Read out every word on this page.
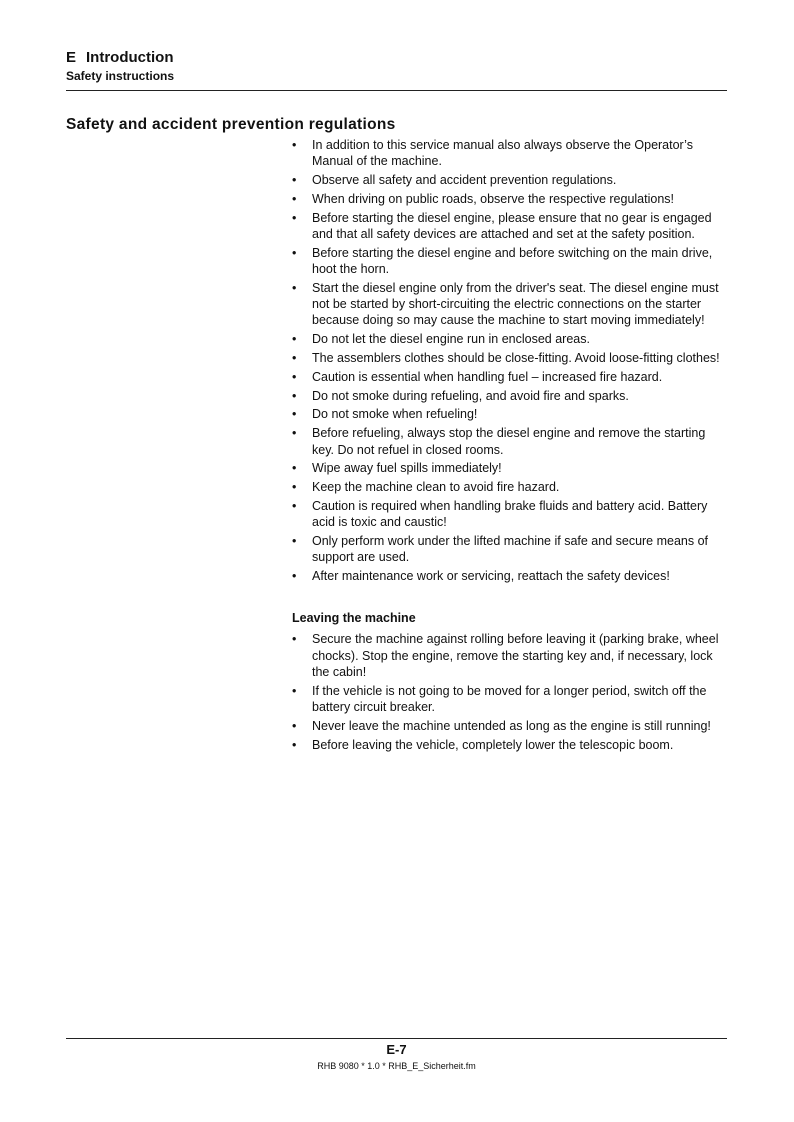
E Introduction
Safety instructions
Safety and accident prevention regulations
•	In addition to this service manual also always observe the Operator’s Manual of the machine.
•	Observe all safety and accident prevention regulations.
•	When driving on public roads, observe the respective regulations!
•	Before starting the diesel engine, please ensure that no gear is engaged and that all safety devices are attached and set at the safety position.
•	Before starting the diesel engine and before switching on the main drive, hoot the horn.
•	Start the diesel engine only from the driver's seat. The diesel engine must not be started by short-circuiting the electric connections on the starter because doing so may cause the machine to start moving immediately!
•	Do not let the diesel engine run in enclosed areas.
•	The assemblers clothes should be close-fitting. Avoid loose-fitting clothes!
•	Caution is essential when handling fuel – increased fire hazard.
•	Do not smoke during refueling, and avoid fire and sparks.
•	Do not smoke when refueling!
•	Before refueling, always stop the diesel engine and remove the starting key. Do not refuel in closed rooms.
•	Wipe away fuel spills immediately!
•	Keep the machine clean to avoid fire hazard.
•	Caution is required when handling brake fluids and battery acid. Battery acid is toxic and caustic!
•	Only perform work under the lifted machine if safe and secure means of support are used.
•	After maintenance work or servicing, reattach the safety devices!
Leaving the machine
•	Secure the machine against rolling before leaving it (parking brake, wheel chocks). Stop the engine, remove the starting key and, if necessary, lock the cabin!
•	If the vehicle is not going to be moved for a longer period, switch off the battery circuit breaker.
•	Never leave the machine untended as long as the engine is still running!
•	Before leaving the vehicle, completely lower the telescopic boom.
E-7
RHB 9080 * 1.0 * RHB_E_Sicherheit.fm
